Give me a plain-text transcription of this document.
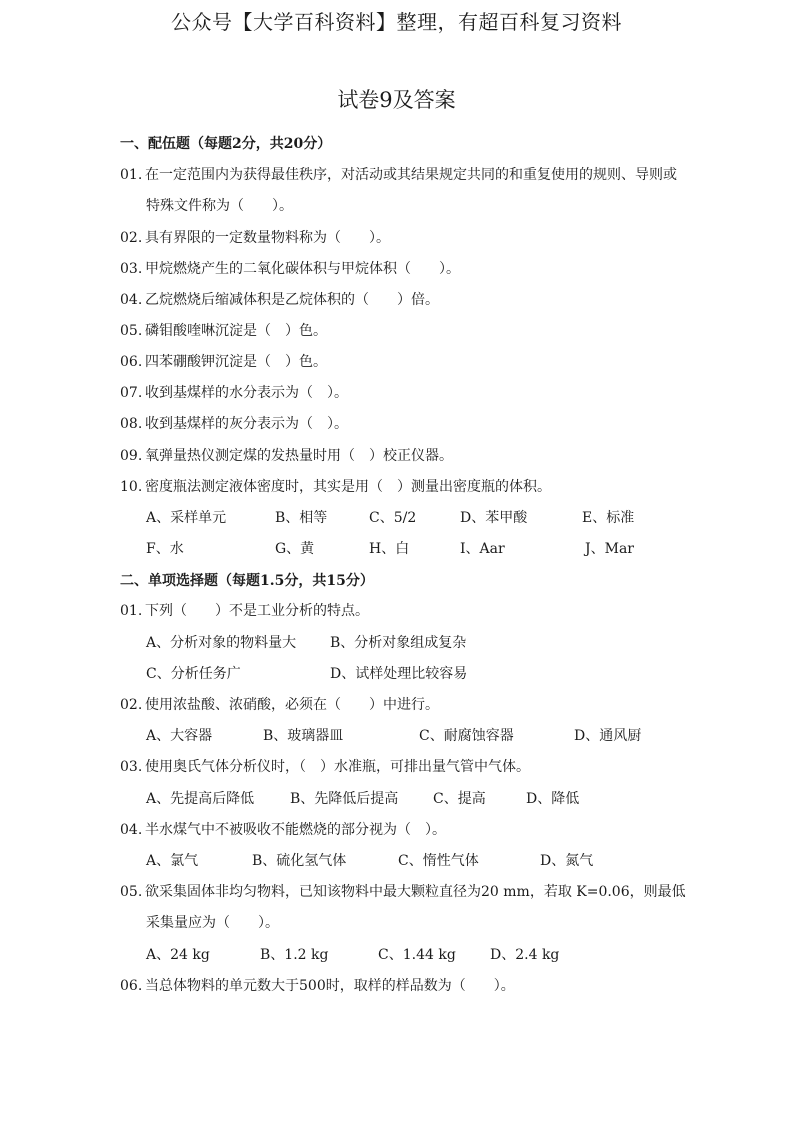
公众号【大学百科资料】整理，有超百科复习资料
试卷9及答案
一、配伍题（每题2分，共20分）
01. 在一定范围内为获得最佳秩序，对活动或其结果规定共同的和重复使用的规则、导则或
特殊文件称为（　　）。
02. 具有界限的一定数量物料称为（　　）。
03. 甲烷燃烧产生的二氧化碳体积与甲烷体积（　　）。
04. 乙烷燃烧后缩减体积是乙烷体积的（　　）倍。
05. 磷钼酸喹啉沉淀是（　）色。
06. 四苯硼酸钾沉淀是（　）色。
07. 收到基煤样的水分表示为（　）。
08. 收到基煤样的灰分表示为（　）。
09. 氧弹量热仪测定煤的发热量时用（　）校正仪器。
10. 密度瓶法测定液体密度时，其实是用（　）测量出密度瓶的体积。
A、采样单元	B、相等	C、5/2	D、苯甲酸	E、标准
F、水	G、黄	H、白	I、Aar	J、Mar
二、单项选择题（每题1.5分，共15分）
01. 下列（　　）不是工业分析的特点。
A、分析对象的物料量大 B、分析对象组成复杂
C、分析任务广	D、试样处理比较容易
02. 使用浓盐酸、浓硝酸，必须在（　　）中进行。
A、大容器	B、玻璃器皿	C、耐腐蚀容器	D、通风厨
03. 使用奥氏气体分析仪时，（　）水准瓶，可排出量气管中气体。
A、先提高后降低	B、先降低后提高 C、提高	D、降低
04. 半水煤气中不被吸收不能燃烧的部分视为（　）。
A、氯气	B、硫化氢气体	C、惰性气体	D、氮气
05. 欲采集固体非均匀物料，已知该物料中最大颗粒直径为20 mm，若取 K=0.06，则最低
采集量应为（　　）。
A、24 kg	B、1.2 kg	C、1.44 kg D、2.4 kg
06. 当总体物料的单元数大于500时，取样的样品数为（　　）。
